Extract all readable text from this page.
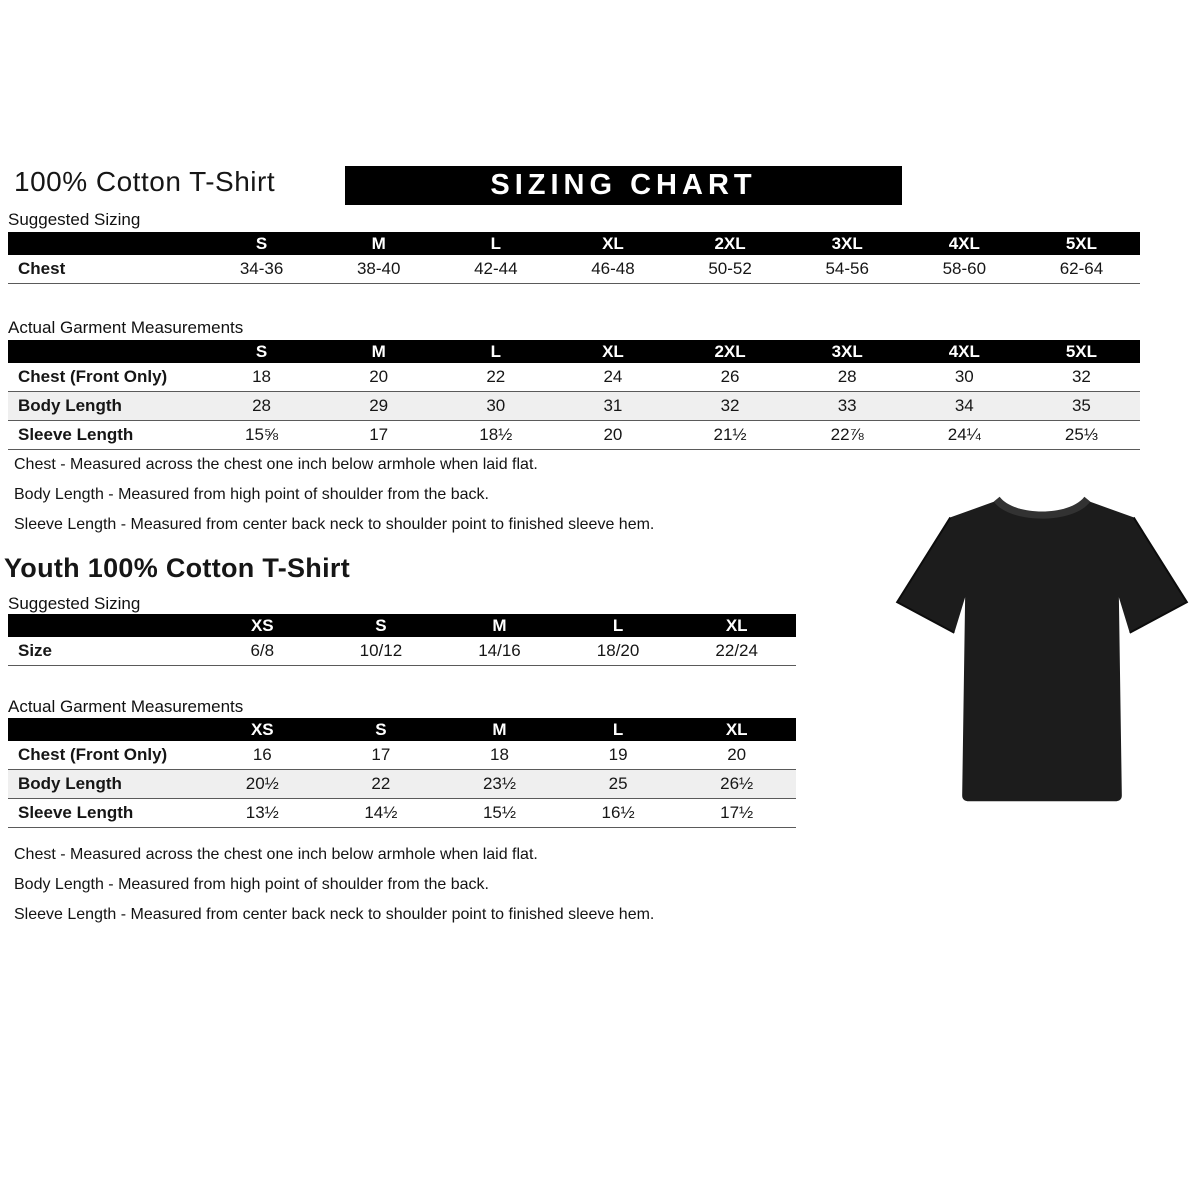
100% Cotton T-Shirt	SIZING CHART
Suggested Sizing
	S	M	L	XL	2XL	3XL	4XL	5XL
Chest	34-36	38-40	42-44	46-48	50-52	54-56	58-60	62-64
Actual Garment Measurements
	S	M	L	XL	2XL	3XL	4XL	5XL
Chest (Front Only)	18	20	22	24	26	28	30	32
Body Length	28	29	30	31	32	33	34	35
Sleeve Length	15⅝	17	18½	20	21½	22⅞	24¼	25⅓
Chest - Measured across the chest one inch below armhole when laid flat.
Body Length - Measured from high point of shoulder from the back.
Sleeve Length - Measured from center back neck to shoulder point to finished sleeve hem.
Youth 100% Cotton T-Shirt
Suggested Sizing
	XS	S	M	L	XL
Size	6/8	10/12	14/16	18/20	22/24
Actual Garment Measurements
	XS	S	M	L	XL
Chest (Front Only)	16	17	18	19	20
Body Length	20½	22	23½	25	26½
Sleeve Length	13½	14½	15½	16½	17½
Chest - Measured across the chest one inch below armhole when laid flat.
Body Length - Measured from high point of shoulder from the back.
Sleeve Length - Measured from center back neck to shoulder point to finished sleeve hem.
